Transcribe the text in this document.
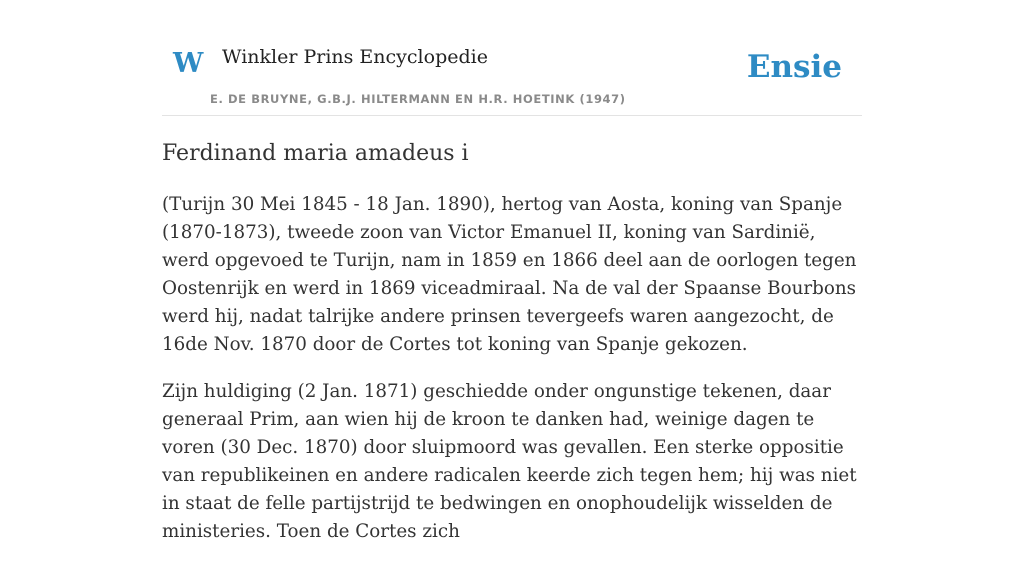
W Winkler Prins Encyclopedie
E. DE BRUYNE, G.B.J. HILTERMANN EN H.R. HOETINK (1947)
Ensie
Ferdinand maria amadeus i

(Turijn 30 Mei 1845 - 18 Jan. 1890), hertog van Aosta, koning van Spanje (1870-1873), tweede zoon van Victor Emanuel II, koning van Sardinië, werd opgevoed te Turijn, nam in 1859 en 1866 deel aan de oorlogen tegen Oostenrijk en werd in 1869 viceadmiraal. Na de val der Spaanse Bourbons werd hij, nadat talrijke andere prinsen tevergeefs waren aangezocht, de 16de Nov. 1870 door de Cortes tot koning van Spanje gekozen.

Zijn huldiging (2 Jan. 1871) geschiedde onder ongunstige tekenen, daar generaal Prim, aan wien hij de kroon te danken had, weinige dagen te voren (30 Dec. 1870) door sluipmoord was gevallen. Een sterke oppositie van republikeinen en andere radicalen keerde zich tegen hem; hij was niet in staat de felle partijstrijd te bedwingen en onophoudelijk wisselden de ministeries. Toen de Cortes zich
